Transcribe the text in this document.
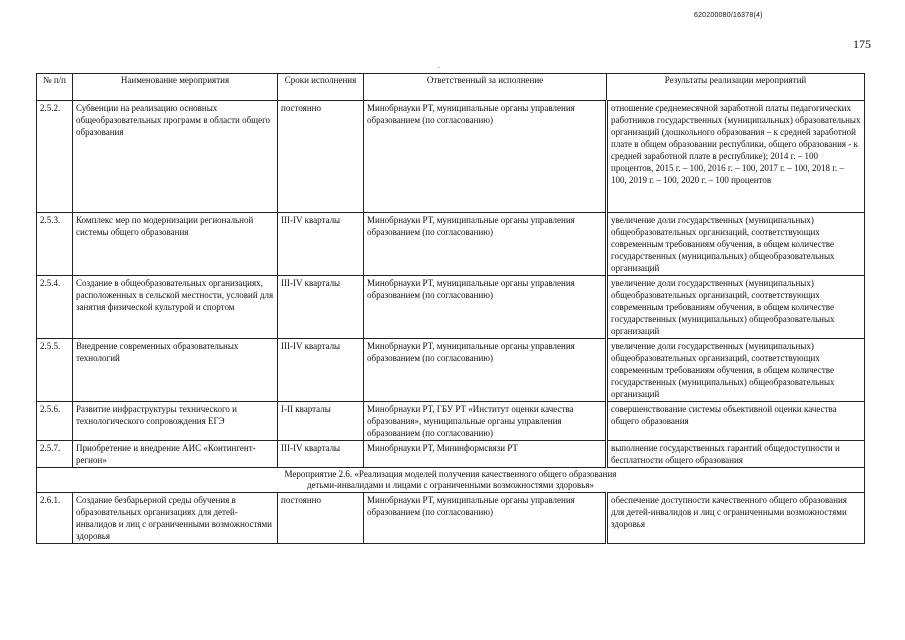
620200080/16378(4)
175
.
№ п/п	Наименование мероприятия	Сроки исполнения	Ответственный за исполнение	Результаты реализации мероприятий
2.5.2.	Субвенции на реализацию основных общеобразовательных программ в области общего образования	постоянно	Минобрнауки РТ, муниципальные органы управления образованием (по согласованию)	отношение среднемесячной заработной платы педагогических работников государственных (муниципальных) образовательных организаций (дошкольного образования – к средней заработной плате в общем образовании республики, общего образования - к средней заработной плате в республике); 2014 г. – 100 процентов, 2015 г. – 100, 2016 г. – 100, 2017 г. – 100, 2018 г. – 100, 2019 г. – 100, 2020 г. – 100 процентов
2.5.3.	Комплекс мер по модернизации региональной системы общего образования	III-IV кварталы	Минобрнауки РТ, муниципальные органы управления образованием (по согласованию)	увеличение доли государственных (муниципальных) общеобразовательных организаций, соответствующих современным требованиям обучения, в общем количестве государственных (муниципальных) общеобразовательных организаций
2.5.4.	Создание в общеобразовательных организациях, расположенных в сельской местности, условий для занятия физической культурой и спортом	III-IV кварталы	Минобрнауки РТ, муниципальные органы управления образованием (по согласованию)	увеличение доли государственных (муниципальных) общеобразовательных организаций, соответствующих современным требованиям обучения, в общем количестве государственных (муниципальных) общеобразовательных организаций
2.5.5.	Внедрение современных образовательных технологий	III-IV кварталы	Минобрнауки РТ, муниципальные органы управления образованием (по согласованию)	увеличение доли государственных (муниципальных) общеобразовательных организаций, соответствующих современным требованиям обучения, в общем количестве государственных (муниципальных) общеобразовательных организаций
2.5.6.	Развитие инфраструктуры технического и технологического сопровождения ЕГЭ	I-II кварталы	Минобрнауки РТ, ГБУ РТ «Институт оценки качества образования», муниципальные органы управления образованием (по согласованию)	совершенствование системы объективной оценки качества общего образования
2.5.7.	Приобретение и внедрение АИС «Контингент-регион»	III-IV кварталы	Минобрнауки РТ, Mининформсвязи РТ	выполнение государственных гарантий общедоступности и бесплатности общего образования

Мероприятие 2.6. «Реализация моделей получения качественного общего образования
детьми-инвалидами и лицами с ограниченными возможностями здоровья»				

2.6.1.	Создание безбарьерной среды обучения в образовательных организациях для детей-инвалидов и лиц с ограниченными возможностями здоровья	постоянно	Минобрнауки РТ, муниципальные органы управления образованием (по согласованию)	обеспечение доступности качественного общего образования для детей-инвалидов и лиц с ограниченными возможностями здоровья
